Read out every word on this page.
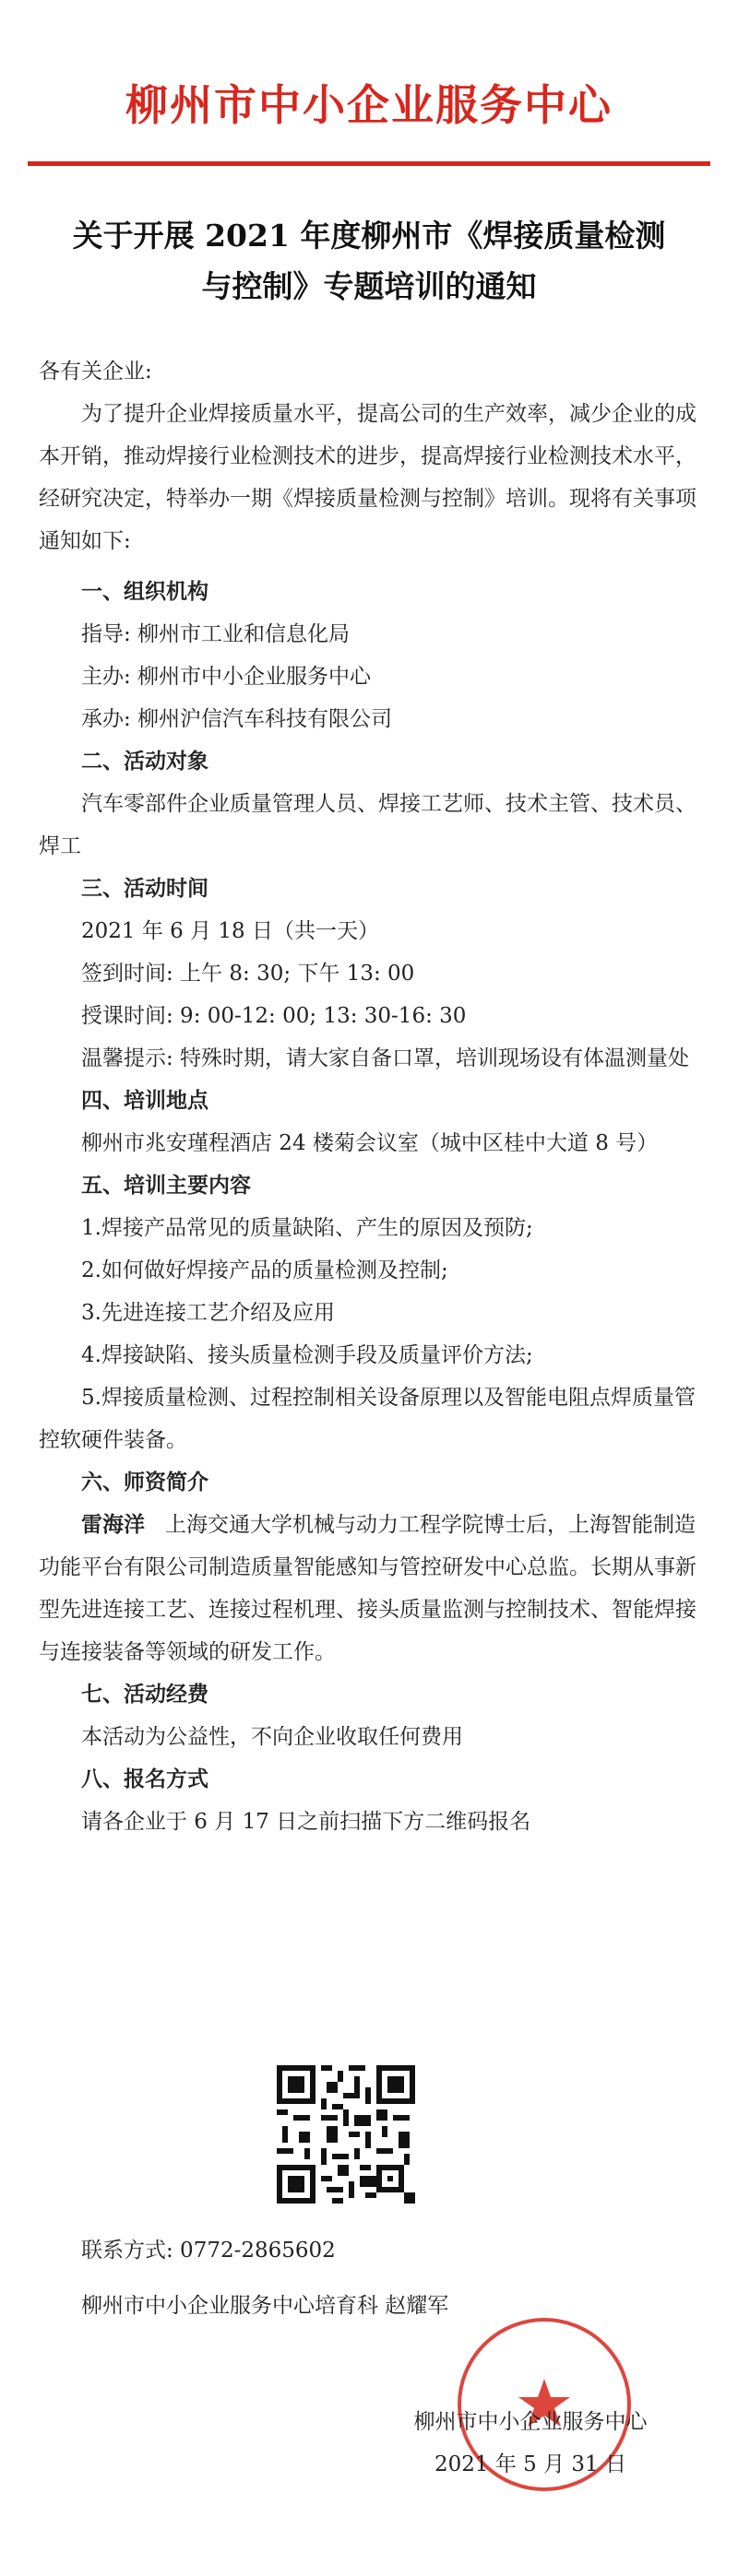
柳州市中小企业服务中心
关于开展 2021 年度柳州市《焊接质量检测
与控制》专题培训的通知

各有关企业:

为了提升企业焊接质量水平，提高公司的生产效率，减少企业的成本开销，推动焊接行业检测技术的进步，提高焊接行业检测技术水平，经研究决定，特举办一期《焊接质量检测与控制》培训。现将有关事项通知如下:

一、组织机构

指导: 柳州市工业和信息化局

主办: 柳州市中小企业服务中心

承办: 柳州沪信汽车科技有限公司

二、活动对象

汽车零部件企业质量管理人员、焊接工艺师、技术主管、技术员、焊工

三、活动时间

2021 年 6 月 18 日（共一天）

签到时间: 上午 8: 30; 下午 13: 00

授课时间: 9: 00-12: 00; 13: 30-16: 30

温馨提示: 特殊时期，请大家自备口罩，培训现场设有体温测量处

四、培训地点

柳州市兆安瑾程酒店 24 楼菊会议室（城中区桂中大道 8 号）

五、培训主要内容

1.焊接产品常见的质量缺陷、产生的原因及预防;

2.如何做好焊接产品的质量检测及控制;

3.先进连接工艺介绍及应用

4.焊接缺陷、接头质量检测手段及质量评价方法;

5.焊接质量检测、过程控制相关设备原理以及智能电阻点焊质量管控软硬件装备。

六、师资简介

雷海洋 上海交通大学机械与动力工程学院博士后，上海智能制造功能平台有限公司制造质量智能感知与管控研发中心总监。长期从事新型先进连接工艺、连接过程机理、接头质量监测与控制技术、智能焊接与连接装备等领域的研发工作。

七、活动经费

本活动为公益性，不向企业收取任何费用

八、报名方式

请各企业于 6 月 17 日之前扫描下方二维码报名

联系方式: 0772-2865602

柳州市中小企业服务中心培育科 赵耀军

柳州市中小企业服务中心

2021 年 5 月 31 日
